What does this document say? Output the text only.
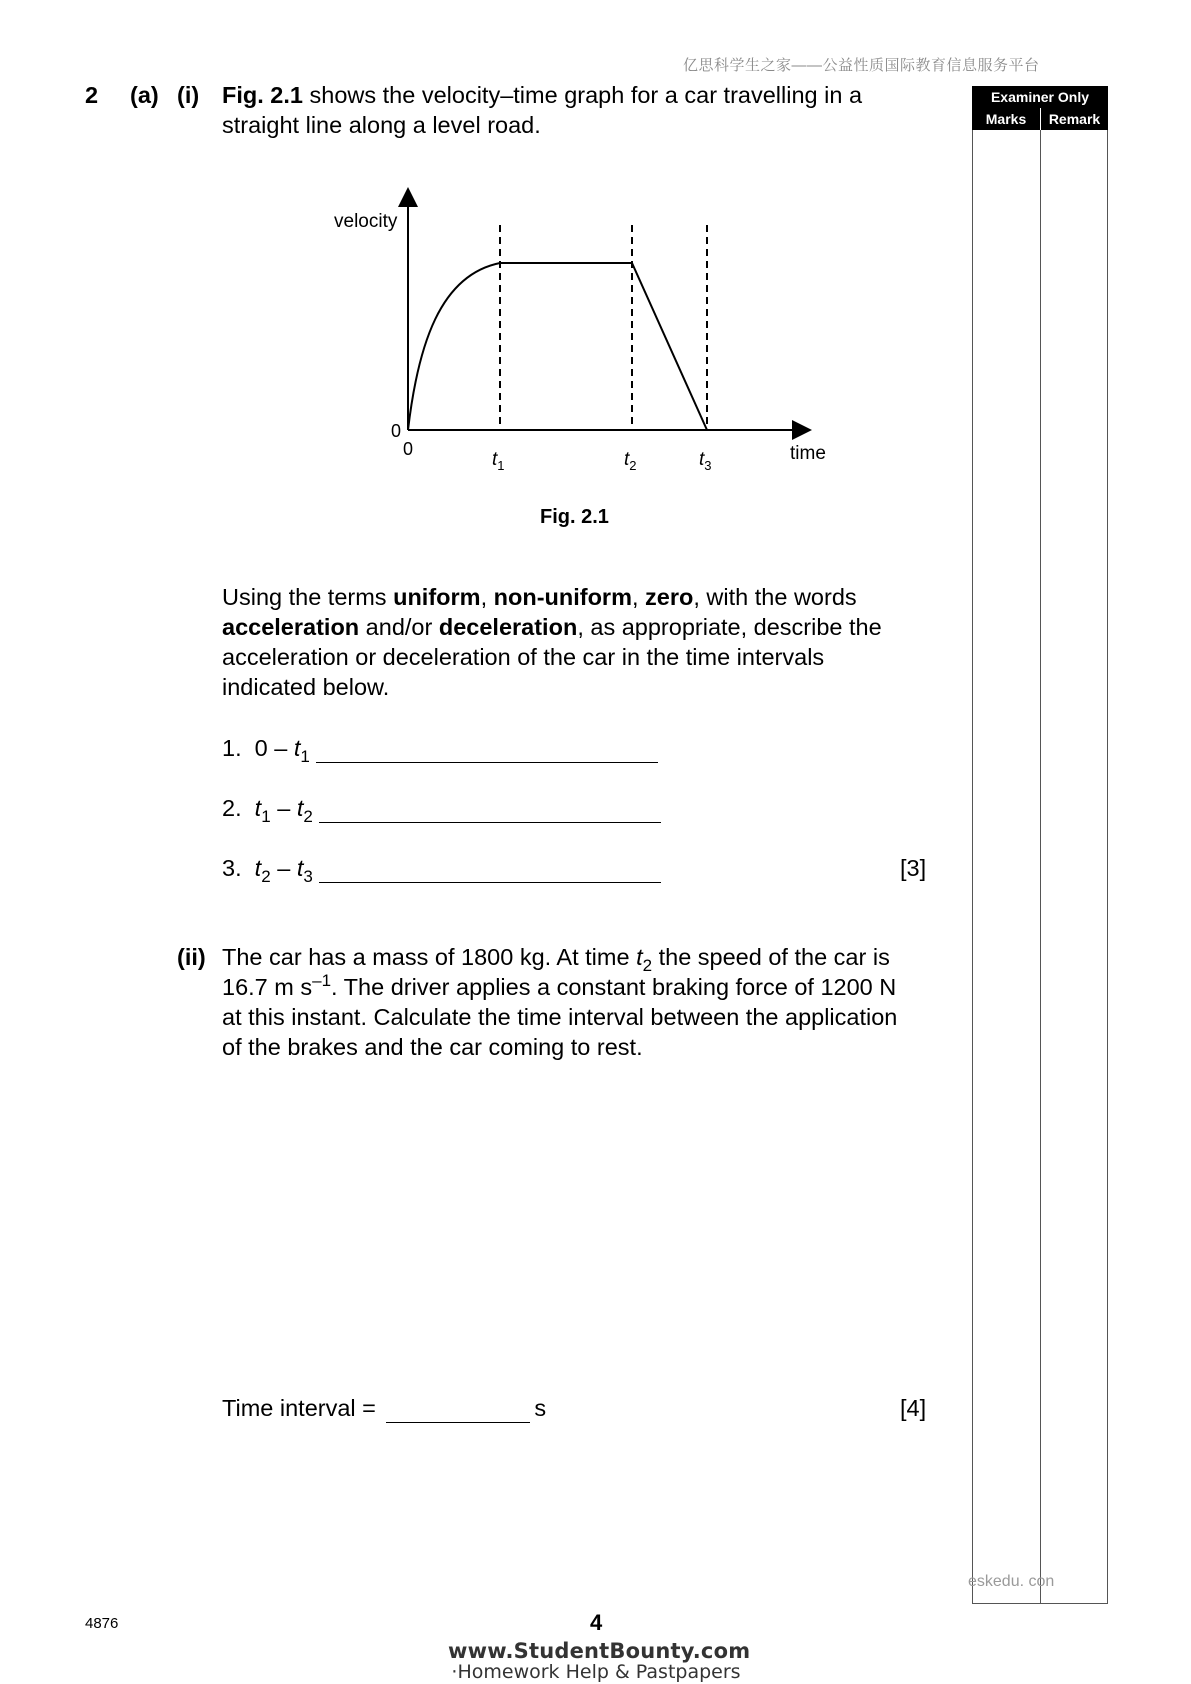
亿思科学生之家——公益性质国际教育信息服务平台
Examiner Only
Marks	Remark
eskedu. con
2 (a) (i) Fig. 2.1 shows the velocity–time graph for a car travelling in a straight line along a level road.
velocity
time
0
0	$t_1$	$t_2$	$t_3$
Fig. 2.1
Using the terms uniform, non-uniform, zero, with the words acceleration and/or deceleration, as appropriate, describe the acceleration or deceleration of the car in the time intervals indicated below.
1.  $0 - t_1$
2.  $t_1 - t_2$
3.  $t_2 - t_3$	[3]
(ii) The car has a mass of 1800 kg. At time $t_2$ the speed of the car is 16.7 m $s^{-1}$. The driver applies a constant braking force of 1200 N at this instant. Calculate the time interval between the application of the brakes and the car coming to rest.
Time interval =	s	[4]
4876	4
www.StudentBounty.com
·Homework Help & Pastpapers
